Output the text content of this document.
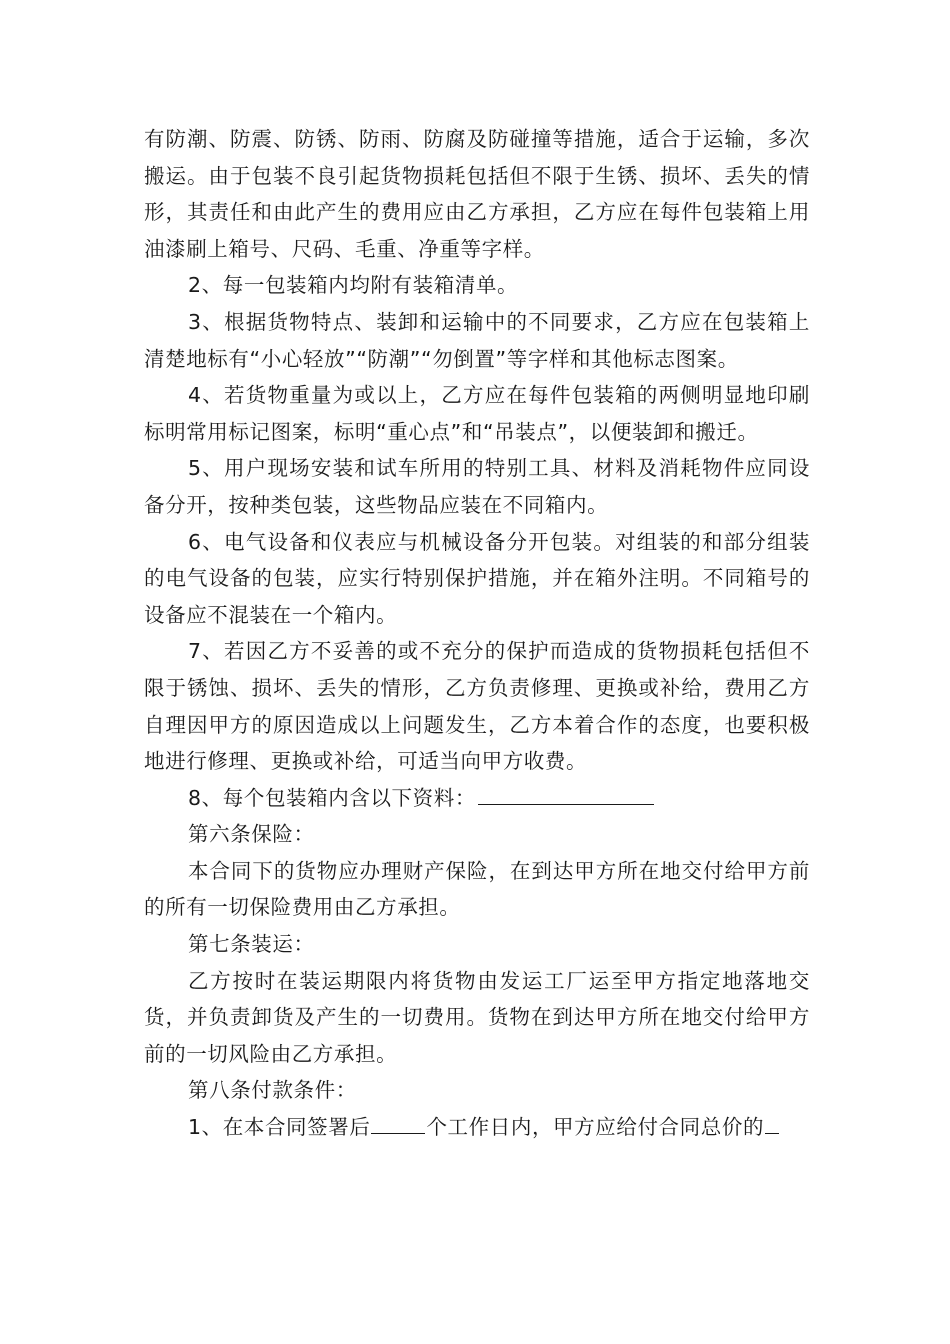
有防潮、防震、防锈、防雨、防腐及防碰撞等措施，适合于运输，多次搬运。由于包装不良引起货物损耗包括但不限于生锈、损坏、丢失的情形，其责任和由此产生的费用应由乙方承担，乙方应在每件包装箱上用油漆刷上箱号、尺码、毛重、净重等字样。

2、每一包装箱内均附有装箱清单。

3、根据货物特点、装卸和运输中的不同要求，乙方应在包装箱上清楚地标有“小心轻放”“防潮”“勿倒置”等字样和其他标志图案。

4、若货物重量为或以上，乙方应在每件包装箱的两侧明显地印刷标明常用标记图案，标明“重心点”和“吊装点”，以便装卸和搬迁。

5、用户现场安装和试车所用的特别工具、材料及消耗物件应同设备分开，按种类包装，这些物品应装在不同箱内。

6、电气设备和仪表应与机械设备分开包装。对组装的和部分组装的电气设备的包装，应实行特别保护措施，并在箱外注明。不同箱号的设备应不混装在一个箱内。

7、若因乙方不妥善的或不充分的保护而造成的货物损耗包括但不限于锈蚀、损坏、丢失的情形，乙方负责修理、更换或补给，费用乙方自理因甲方的原因造成以上问题发生，乙方本着合作的态度，也要积极地进行修理、更换或补给，可适当向甲方收费。

8、每个包装箱内含以下资料：

第六条保险：

本合同下的货物应办理财产保险，在到达甲方所在地交付给甲方前的所有一切保险费用由乙方承担。

第七条装运：

乙方按时在装运期限内将货物由发运工厂运至甲方指定地落地交货，并负责卸货及产生的一切费用。货物在到达甲方所在地交付给甲方前的一切风险由乙方承担。

第八条付款条件：

1、在本合同签署后	个工作日内，甲方应给付合同总价的
